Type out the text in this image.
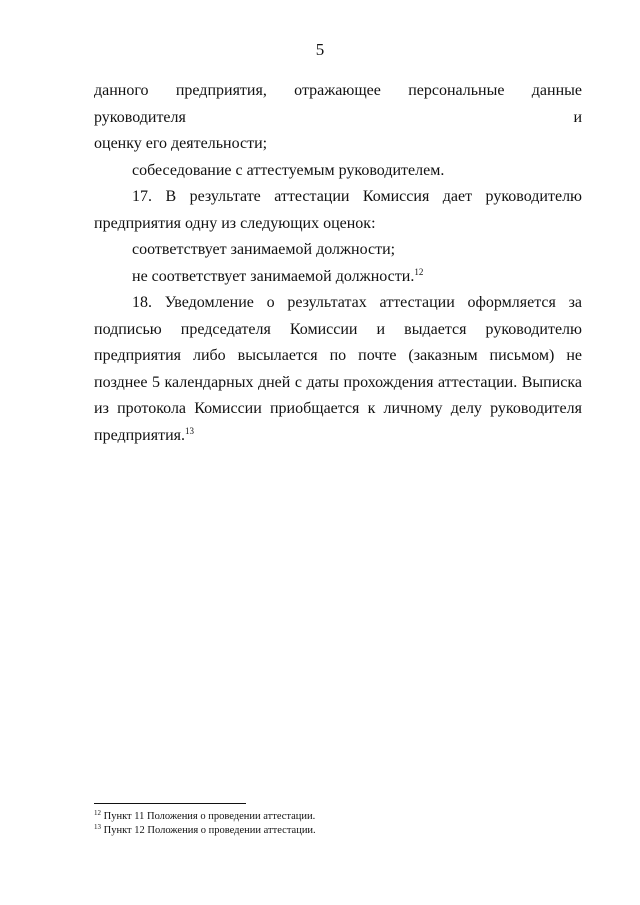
5

данного предприятия, отражающее персональные данные руководителя и

оценку его деятельности;

собеседование с аттестуемым руководителем.

17. В результате аттестации Комиссия дает руководителю

предприятия одну из следующих оценок:

соответствует занимаемой должности;

не соответствует занимаемой должности.$^{12}$

18. Уведомление о результатах аттестации оформляется за подписью председателя Комиссии и выдается руководителю предприятия либо высылается по почте (заказным письмом) не позднее 5 календарных дней с даты прохождения аттестации. Выписка из протокола Комиссии приобщается к личному делу руководителя предприятия.$^{13}$

$^{12}$ Пункт 11 Положения о проведении аттестации.

$^{13}$ Пункт 12 Положения о проведении аттестации.
